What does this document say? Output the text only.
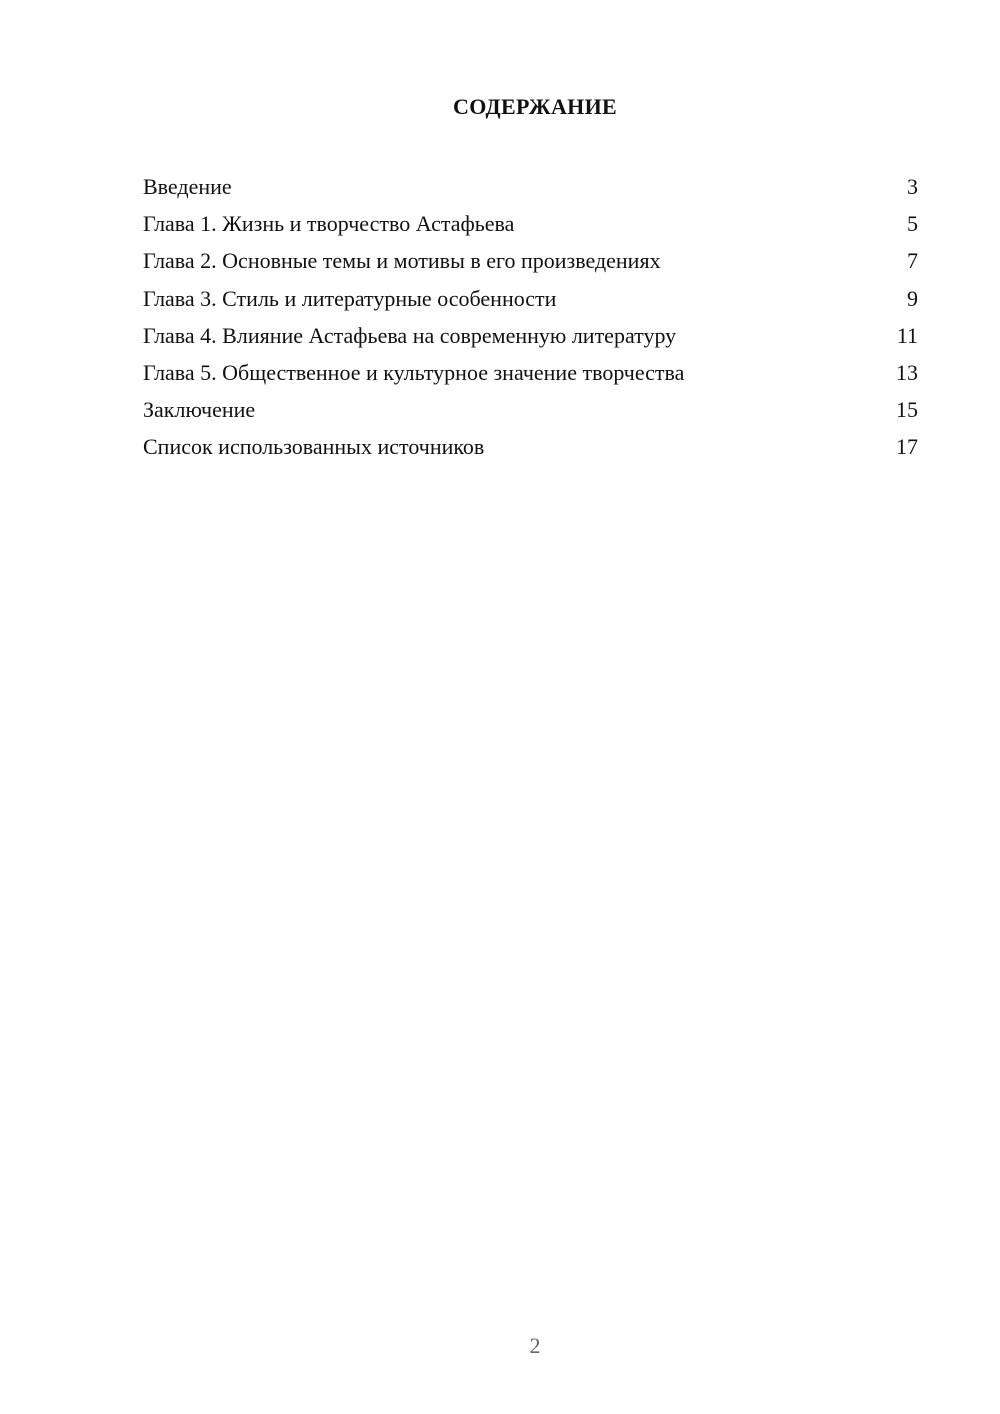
СОДЕРЖАНИЕ
Введение	3
Глава 1. Жизнь и творчество Астафьева	5
Глава 2. Основные темы и мотивы в его произведениях	7
Глава 3. Стиль и литературные особенности	9
Глава 4. Влияние Астафьева на современную литературу	11
Глава 5. Общественное и культурное значение творчества	13
Заключение	15
Список использованных источников	17
2
